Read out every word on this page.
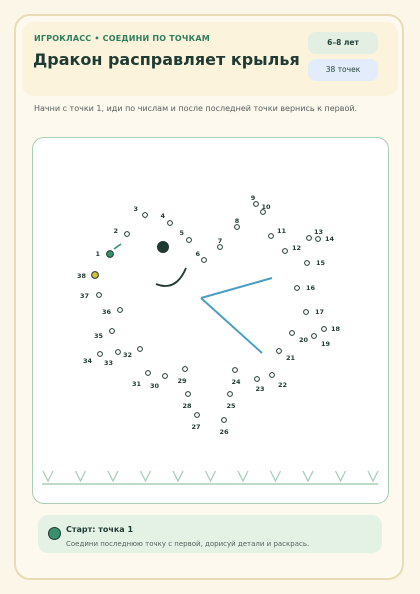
ИГРОКЛАСС • СОЕДИНИ ПО ТОЧКАМ
Дракон расправляет крылья
6–8 лет
38 точек
Начни с точки 1, иди по числам и после последней точки вернись к первой.
1
2
3
4
5
6
7
8
9
10
11
12
13
14
15
16
17
18
19
20
21
22
23
24
25
26
27
28
29
30
31
32
33
34
35
36
37
38
Старт: точка 1
Соедини последнюю точку с первой, дорисуй детали и раскрась.
